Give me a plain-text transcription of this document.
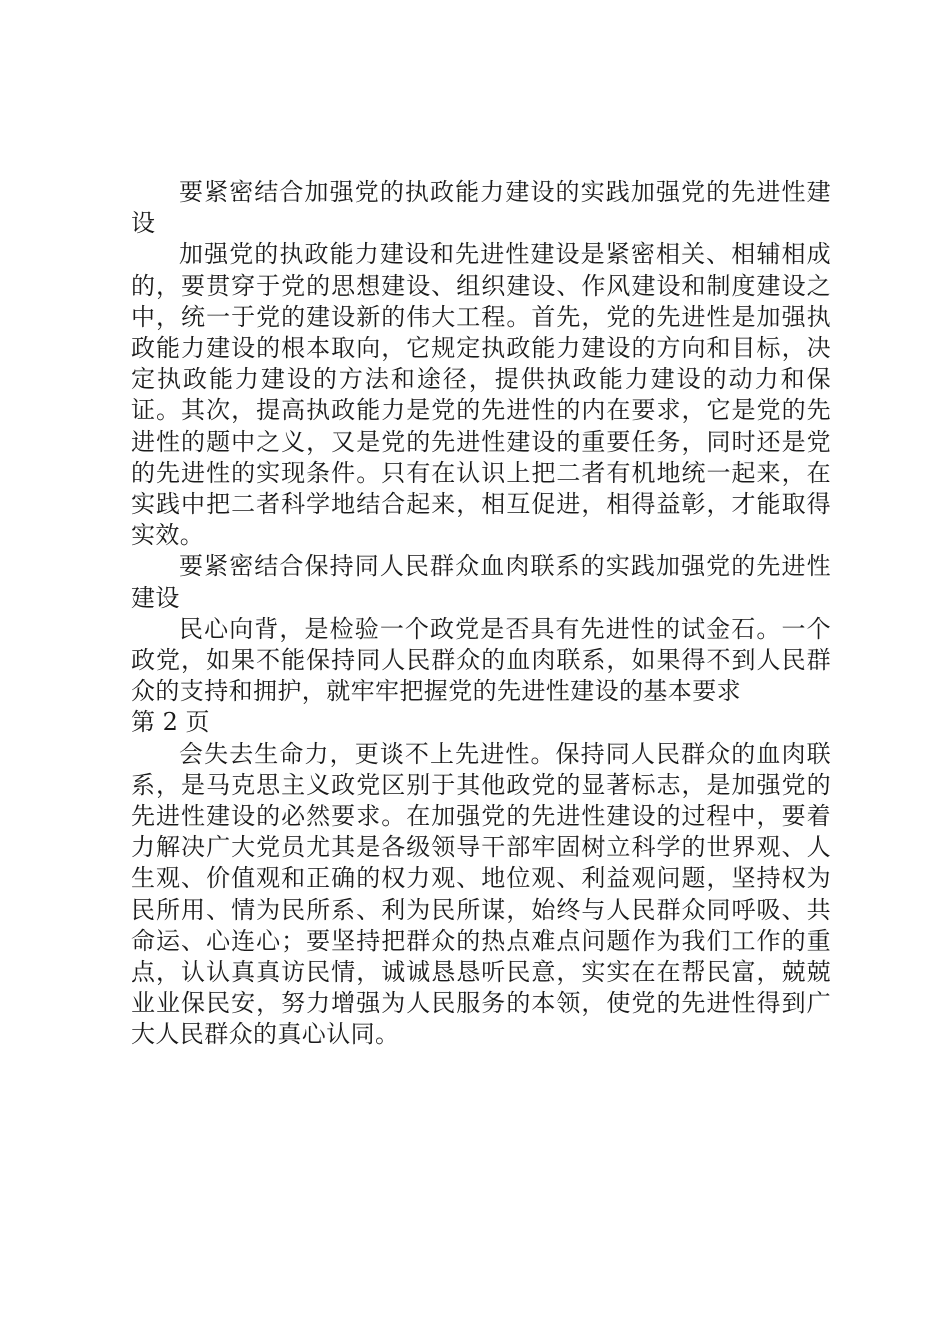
要紧密结合加强党的执政能力建设的实践加强党的先进性建设

加强党的执政能力建设和先进性建设是紧密相关、相辅相成的，要贯穿于党的思想建设、组织建设、作风建设和制度建设之中，统一于党的建设新的伟大工程。首先，党的先进性是加强执政能力建设的根本取向，它规定执政能力建设的方向和目标，决定执政能力建设的方法和途径，提供执政能力建设的动力和保证。其次，提高执政能力是党的先进性的内在要求，它是党的先进性的题中之义，又是党的先进性建设的重要任务，同时还是党的先进性的实现条件。只有在认识上把二者有机地统一起来，在实践中把二者科学地结合起来，相互促进，相得益彰，才能取得实效。

要紧密结合保持同人民群众血肉联系的实践加强党的先进性建设

民心向背，是检验一个政党是否具有先进性的试金石。一个政党，如果不能保持同人民群众的血肉联系，如果得不到人民群众的支持和拥护，就牢牢把握党的先进性建设的基本要求

第 2 页

会失去生命力，更谈不上先进性。保持同人民群众的血肉联系，是马克思主义政党区别于其他政党的显著标志，是加强党的先进性建设的必然要求。在加强党的先进性建设的过程中，要着力解决广大党员尤其是各级领导干部牢固树立科学的世界观、人生观、价值观和正确的权力观、地位观、利益观问题，坚持权为民所用、情为民所系、利为民所谋，始终与人民群众同呼吸、共命运、心连心；要坚持把群众的热点难点问题作为我们工作的重点，认认真真访民情，诚诚恳恳听民意，实实在在帮民富，兢兢业业保民安，努力增强为人民服务的本领，使党的先进性得到广大人民群众的真心认同。
